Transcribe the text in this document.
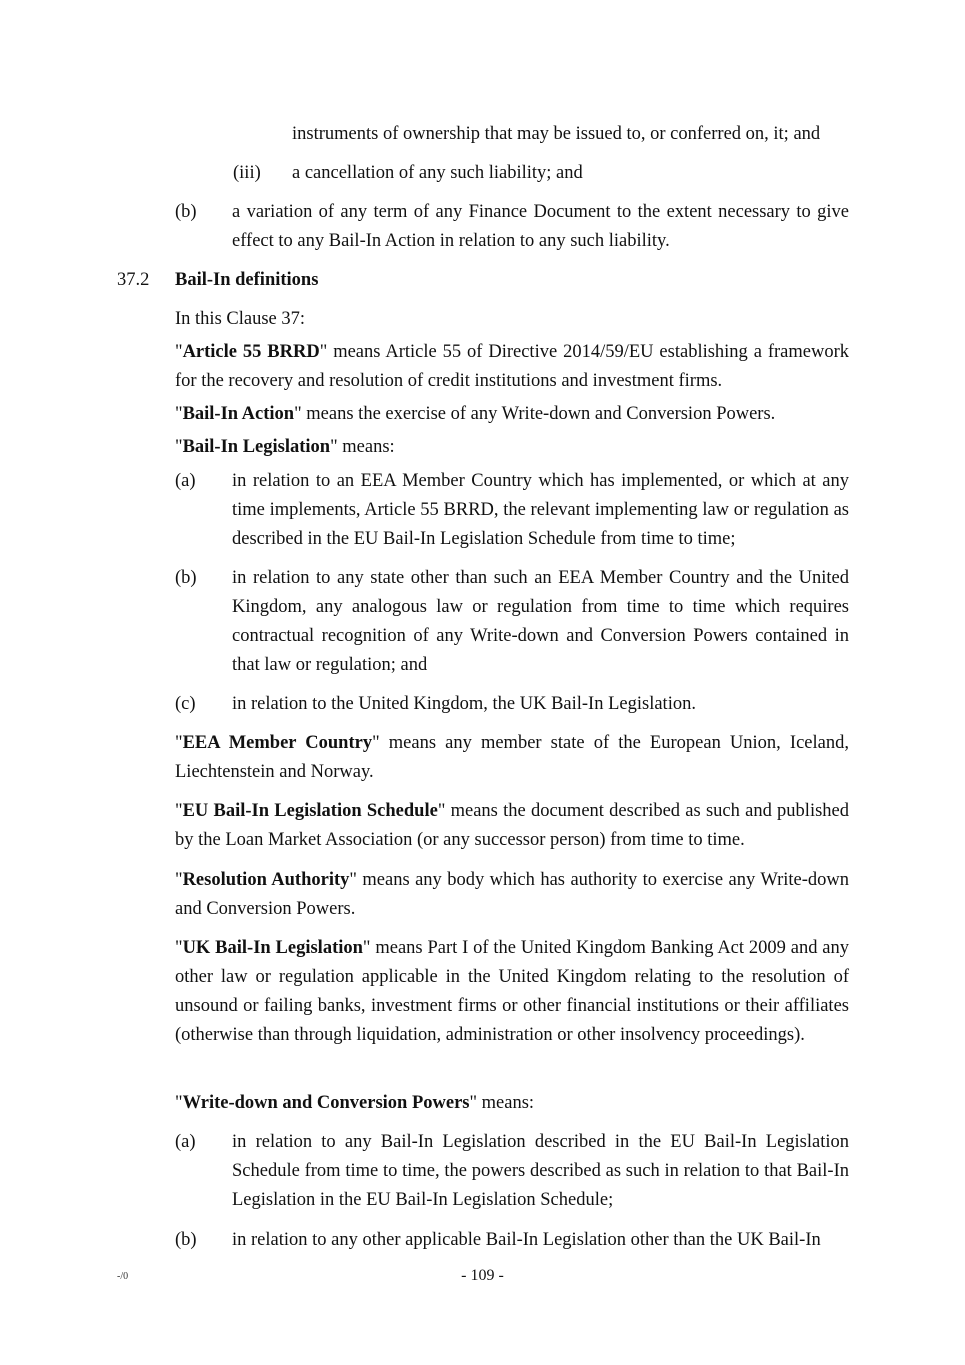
instruments of ownership that may be issued to, or conferred on, it; and
(iii) a cancellation of any such liability; and
(b) a variation of any term of any Finance Document to the extent necessary to give effect to any Bail-In Action in relation to any such liability.
37.2 Bail-In definitions
In this Clause 37:
"Article 55 BRRD" means Article 55 of Directive 2014/59/EU establishing a framework for the recovery and resolution of credit institutions and investment firms.
"Bail-In Action" means the exercise of any Write-down and Conversion Powers.
"Bail-In Legislation" means:
(a) in relation to an EEA Member Country which has implemented, or which at any time implements, Article 55 BRRD, the relevant implementing law or regulation as described in the EU Bail-In Legislation Schedule from time to time;
(b) in relation to any state other than such an EEA Member Country and the United Kingdom, any analogous law or regulation from time to time which requires contractual recognition of any Write-down and Conversion Powers contained in that law or regulation; and
(c) in relation to the United Kingdom, the UK Bail-In Legislation.
"EEA Member Country" means any member state of the European Union, Iceland, Liechtenstein and Norway.
"EU Bail-In Legislation Schedule" means the document described as such and published by the Loan Market Association (or any successor person) from time to time.
"Resolution Authority" means any body which has authority to exercise any Write-down and Conversion Powers.
"UK Bail-In Legislation" means Part I of the United Kingdom Banking Act 2009 and any other law or regulation applicable in the United Kingdom relating to the resolution of unsound or failing banks, investment firms or other financial institutions or their affiliates (otherwise than through liquidation, administration or other insolvency proceedings).
"Write-down and Conversion Powers" means:
(a) in relation to any Bail-In Legislation described in the EU Bail-In Legislation Schedule from time to time, the powers described as such in relation to that Bail-In Legislation in the EU Bail-In Legislation Schedule;
(b) in relation to any other applicable Bail-In Legislation other than the UK Bail-In
-/0	- 109 -
